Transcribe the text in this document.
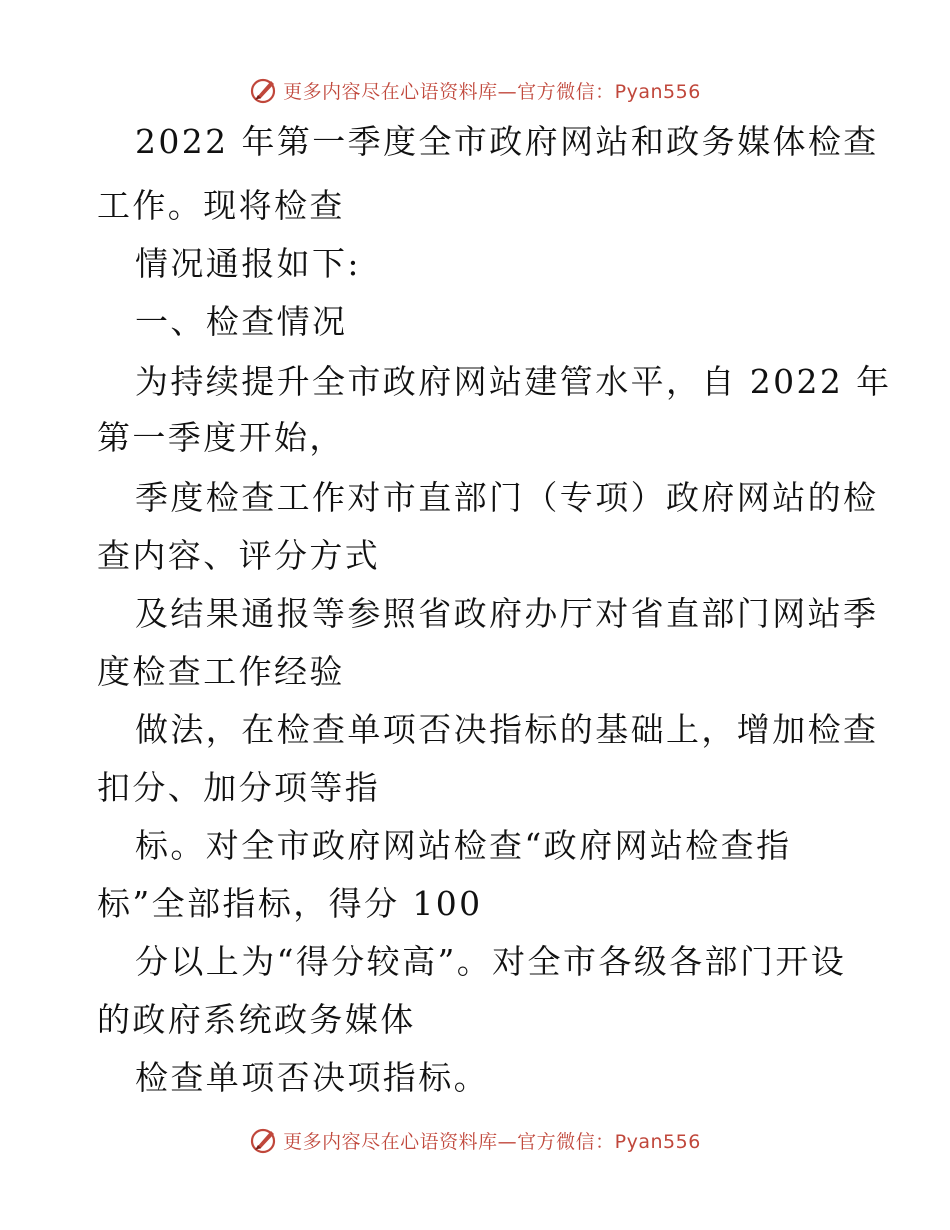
更多内容尽在心语资料库—官方微信：Pyan556
2022 年第一季度全市政府网站和政务媒体检查
工作。现将检查
情况通报如下:
一、检查情况
为持续提升全市政府网站建管水平，自 2022 年
第一季度开始，
季度检查工作对市直部门（专项）政府网站的检
查内容、评分方式
及结果通报等参照省政府办厅对省直部门网站季
度检查工作经验
做法，在检查单项否决指标的基础上，增加检查
扣分、加分项等指
标。对全市政府网站检查“政府网站检查指
标”全部指标，得分 100
分以上为“得分较高”。对全市各级各部门开设
的政府系统政务媒体
检查单项否决项指标。
更多内容尽在心语资料库—官方微信：Pyan556
